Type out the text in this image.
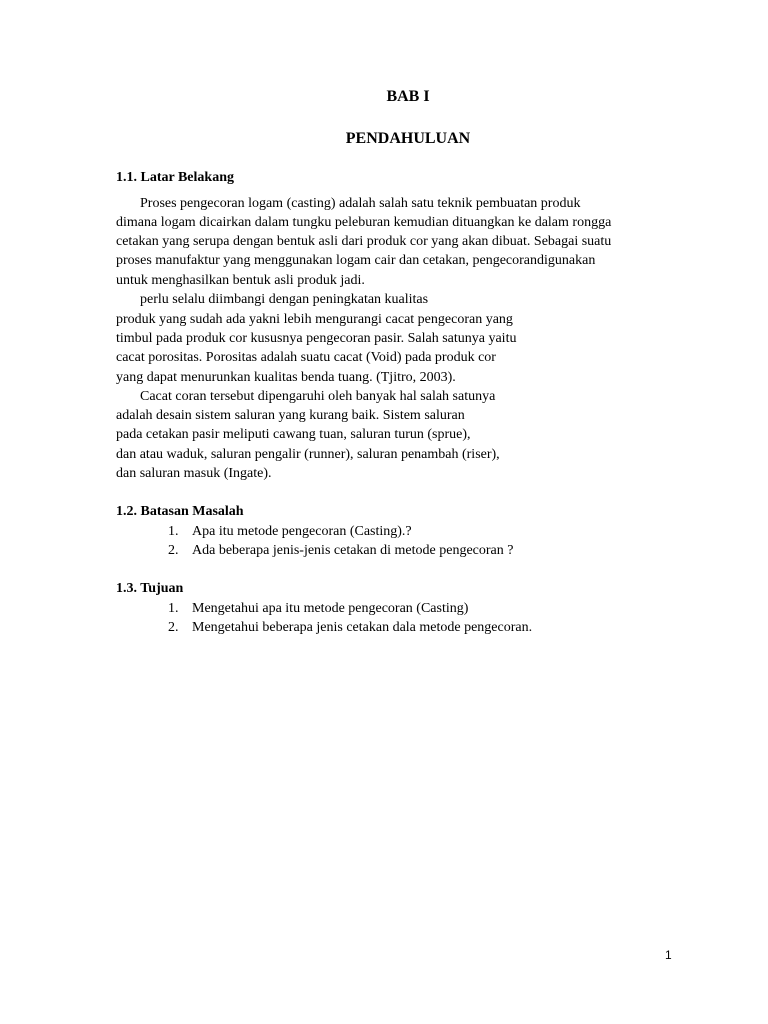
BAB I
PENDAHULUAN
1.1. Latar Belakang
Proses pengecoran logam (casting) adalah salah satu teknik pembuatan produk
dimana logam dicairkan dalam tungku peleburan kemudian dituangkan ke dalam rongga
cetakan yang serupa dengan bentuk asli dari produk cor yang akan dibuat. Sebagai suatu
proses manufaktur yang menggunakan logam cair dan cetakan, pengecorandigunakan
untuk menghasilkan bentuk asli produk jadi.
perlu selalu diimbangi dengan peningkatan kualitas
produk yang sudah ada yakni lebih mengurangi cacat pengecoran yang
timbul pada produk cor kususnya pengecoran pasir. Salah satunya yaitu
cacat porositas. Porositas adalah suatu cacat (Void) pada produk cor
yang dapat menurunkan kualitas benda tuang. (Tjitro, 2003).
Cacat coran tersebut dipengaruhi oleh banyak hal salah satunya
adalah desain sistem saluran yang kurang baik. Sistem saluran
pada cetakan pasir meliputi cawang tuan, saluran turun (sprue),
dan atau waduk, saluran pengalir (runner), saluran penambah (riser),
dan saluran masuk (Ingate).
1.2. Batasan Masalah
1. Apa itu metode pengecoran (Casting).?
2. Ada beberapa jenis-jenis cetakan di metode pengecoran ?
1.3. Tujuan
1. Mengetahui apa itu metode pengecoran (Casting)
2. Mengetahui beberapa jenis cetakan dala metode pengecoran.
1
